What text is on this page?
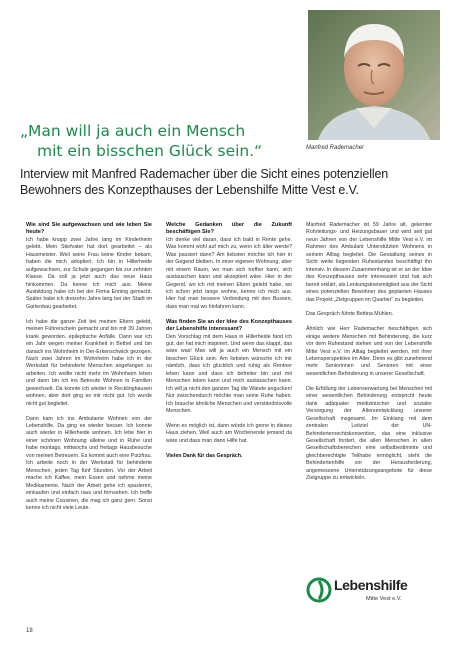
Manfred Rademacher
„Man will ja auch ein Mensch
mit ein bisschen Glück sein.“

Interview mit Manfred Rademacher über die Sicht eines potenziellen Bewohners des Konzepthauses der Lebenshilfe Mitte Vest e.V.

Wie sind Sie aufgewachsen und wie leben Sie heute?

Ich habe knapp zwei Jahre lang im Kinderheim gelebt. Mein Stiefvater hat dort gearbeitet – als Hausmeister. Weil seine Frau keine Kinder bekam, haben die mich adoptiert. Ich bin in Hillerheide aufgewachsen, zur Schule gegangen bis zur zehnten Klasse. Da soll ja jetzt auch das neue Haus hinkommen. Da kenne ich mich aus. Meine Ausbildung habe ich bei der Firma Enning gemacht. Später habe ich dreizehn Jahre lang bei der Stadt im Gartenbau gearbeitet.

Ich habe die ganze Zeit bei meinen Eltern gelebt, meinen Führerschein gemacht und bin mit 39 Jahren krank geworden, epileptische Anfälle. Dann war ich ein Jahr wegen meiner Krankheit in Bethel und bin danach ins Wohnheim in Oer-Erkenschwick gezogen. Nach zwei Jahren im Wohnheim habe ich in der Werkstatt für behinderte Menschen angefangen zu arbeiten. Ich wollte nicht mehr im Wohnheim leben und dann bin ich ins Betreute Wohnen in Familien gewechselt. Da konnte ich wieder in Recklinghausen wohnen, aber dort ging es mir nicht gut. Ich wurde nicht gut begleitet.

Dann kam ich ins Ambulante Wohnen von der Lebenshilfe. Da ging es wieder besser. Ich konnte auch wieder in Hillerheide wohnen. Ich lebe hier in einer schönen Wohnung alleine und in Ruhe und habe montags, mittwochs und freitags Hausbesuche von meinen Betreuern. Es kommt auch eine Putzfrau. Ich arbeite noch in der Werkstatt für behinderte Menschen, jeden Tag fünf Stunden. Vor der Arbeit mache ich Kaffee, mein Essen und nehme meine Medikamente. Nach der Arbeit gehe ich spazieren, einkaufen und einfach raus und fernsehen. Ich treffe auch meine Cousinen, die mag ich ganz gern. Sonst kenne ich nicht viele Leute.

Welche Gedanken über die Zukunft beschäftigen Sie?

Ich denke viel daran, dass ich bald in Rente gehe. Was kommt wohl auf mich zu, wenn ich älter werde? Was passiert dann? Am liebsten möchte ich hier in der Gegend bleiben. In einer eigenen Wohnung, aber mit einem Raum, wo man sich treffen kann, sich austauschen kann und akzeptiert wäre. Hier in der Gegend, wo ich mit meinen Eltern gelebt habe, wo ich schon jetzt lange wohne, kenne ich mich aus. Hier hat man bessere Verbindung mit den Bussen, dass man mal wo hinfahren kann.

Was finden Sie an der Idee des Konzepthauses der Lebenshilfe interessant?

Den Vorschlag mit dem Haus in Hillerheide fand ich gut, der hat mich inspiriert. Und wenn das klappt, das wäre was! Man will ja auch ein Mensch mit ein bisschen Glück sein. Am liebsten wünsche ich mir nämlich, dass ich glücklich und ruhig als Rentner leben kann und dass ich befreiter bin und mit Menschen leben kann und mich austauschen kann. Ich will ja nicht den ganzen Tag die Wände angucken! Nur zwischendurch möchte man seine Ruhe haben. Ich brauche ähnliche Menschen und verständnisvolle Menschen.

Wenn es möglich ist, dann würde ich gerne in dieses Haus ziehen. Weil auch am Wochenende jemand da wäre und dass man dann Hilfe hat.

Vielen Dank für das Gespräch.

Manfred Rademacher ist 59 Jahre alt, gelernter Rohrleitungs- und Heizungsbauer und wird seit gut neun Jahren von der Lebenshilfe Mitte Vest e.V. im Rahmen des Ambulant Unterstützten Wohnens in seinem Alltag begleitet. Die Gestaltung seines in Sicht weite liegenden Ruhestandes beschäftigt ihn intensiv. In diesem Zusammenhang ist er an der Idee des Konzepthauses sehr interessiert und hat sich bereit erklärt, als Lenkungskreismitglied aus der Sicht eines potenziellen Bewohner des geplanten Hauses das Projekt „Zielgruppen im Quartier“ zu begleiten.

Das Gespräch führte Bettina Mühlen.

Ähnlich wie Herr Rademacher beschäftigen sich einige weitere Menschen mit Behinderung, die kurz vor dem Ruhestand stehen und von der Lebenshilfe Mitte Vest e.V. im Alltag begleitet werden, mit ihrer Lebensperspektive im Alter. Denn es gibt zunehmend mehr Seniorinnen und Senioren mit einer wesentlichen Behinderung in unserer Gesellschaft.

Die Erfüllung der Lebenserwartung bei Menschen mit einer wesentlichen Behinderung entspricht heute dank adäquater medizinischer und sozialer Versorgung der Altersentwicklung unserer Gesellschaft insgesamt. Im Einklang mit dem zentralen Leitziel der UN-Behindertenrechtskonvention, das eine inklusive Gesellschaft fordert, die allen Menschen in allen Gesellschaftsbereichen eine selbstbestimmte und gleichberechtigte Teilhabe ermöglicht, steht die Behindertenhilfe vor der Herausforderung, angemessene Unterstützungsangebote für diese Zielgruppe zu entwickeln.

Lebenshilfe
Mitte Vest e.V.
18
